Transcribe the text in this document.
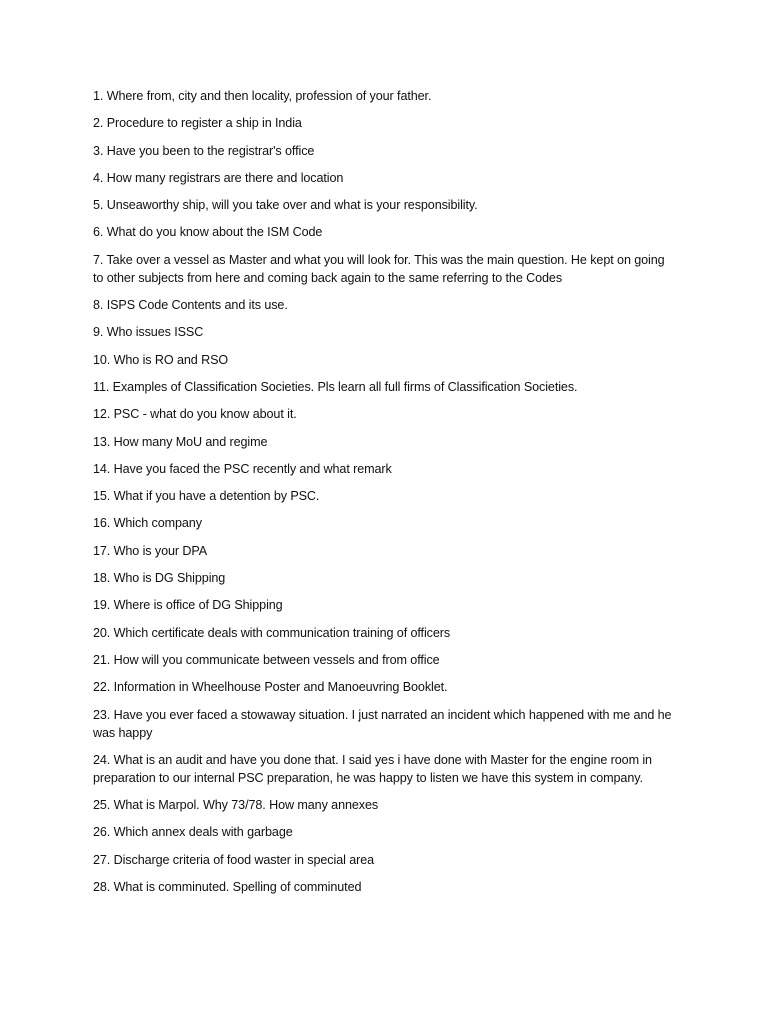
1. Where from, city and then locality, profession of your father.

2. Procedure to register a ship in India

3. Have you been to the registrar's office

4. How many registrars are there and location

5. Unseaworthy ship, will you take over and what is your responsibility.

6. What do you know about the ISM Code

7. Take over a vessel as Master and what you will look for. This was the main question. He kept on going to other subjects from here and coming back again to the same referring to the Codes

8. ISPS Code Contents and its use.

9. Who issues ISSC

10. Who is RO and RSO

11. Examples of Classification Societies. Pls learn all full firms of Classification Societies.

12. PSC - what do you know about it.

13. How many MoU and regime

14. Have you faced the PSC recently and what remark

15. What if you have a detention by PSC.

16. Which company

17. Who is your DPA

18. Who is DG Shipping

19. Where is office of DG Shipping

20. Which certificate deals with communication training of officers

21. How will you communicate between vessels and from office

22. Information in Wheelhouse Poster and Manoeuvring Booklet.

23. Have you ever faced a stowaway situation. I just narrated an incident which happened with me and he was happy

24. What is an audit and have you done that. I said yes i have done with Master for the engine room in preparation to our internal PSC preparation, he was happy to listen we have this system in company.

25. What is Marpol. Why 73/78. How many annexes

26. Which annex deals with garbage

27. Discharge criteria of food waster in special area

28. What is comminuted. Spelling of comminuted
